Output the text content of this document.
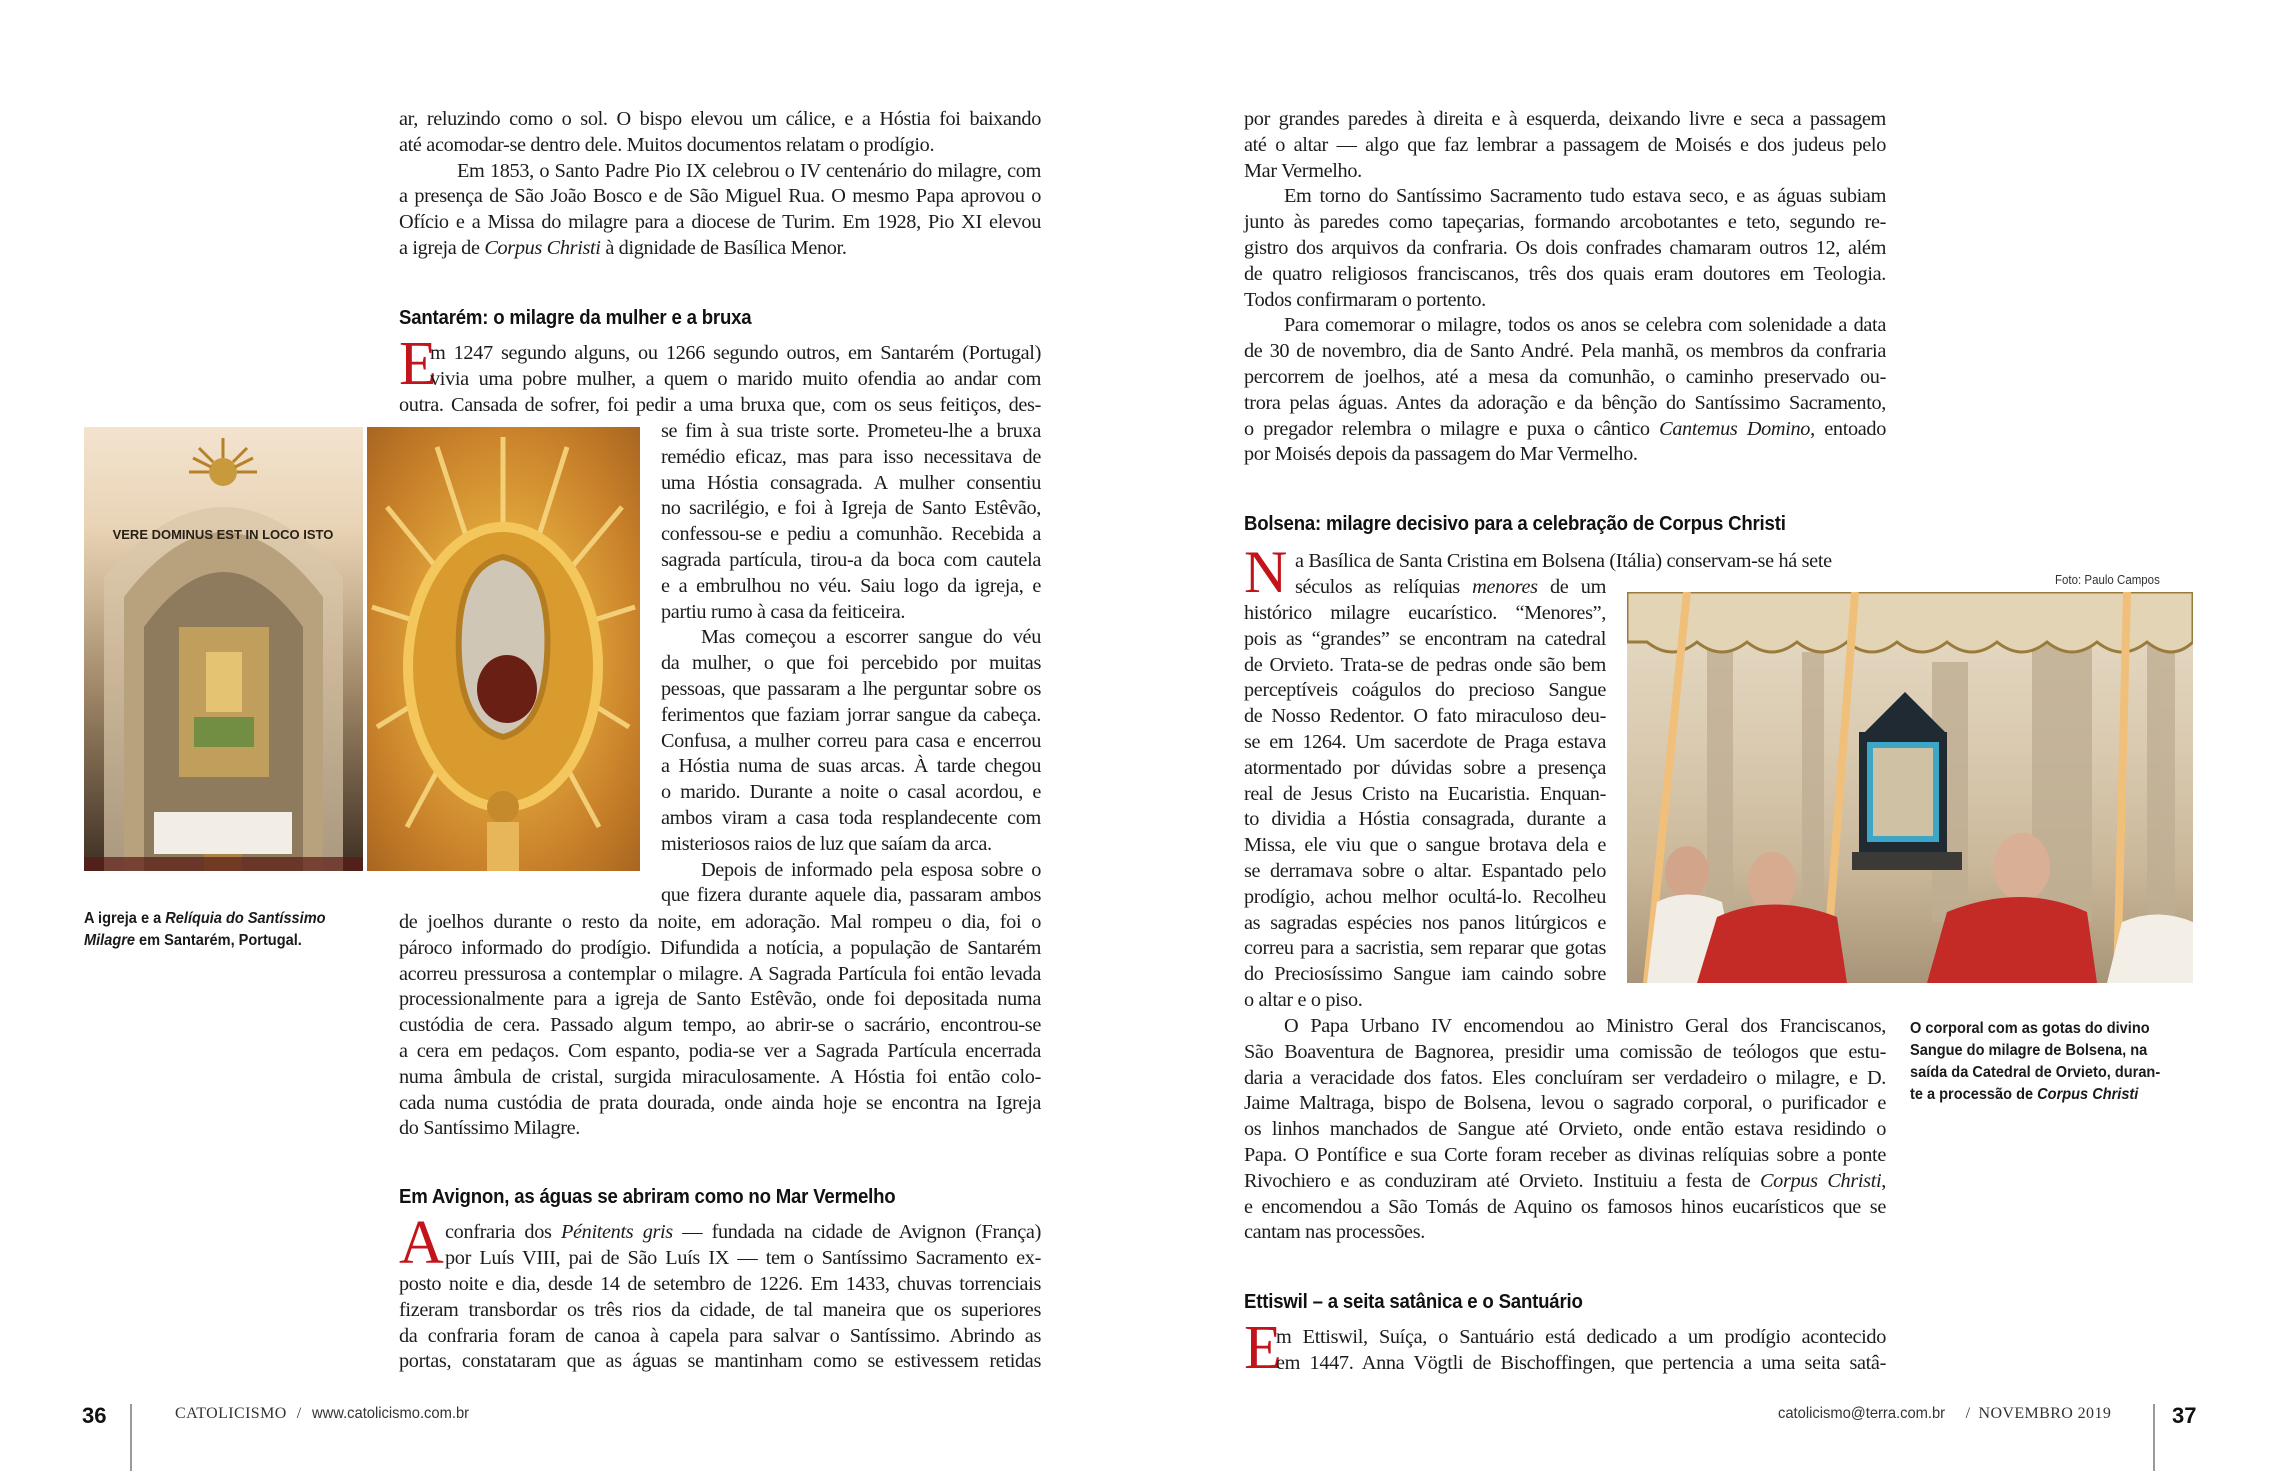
ar, reluzindo como o sol. O bispo elevou um cálice, e a Hóstia foi baixando
até acomodar-se dentro dele. Muitos documentos relatam o prodígio.
Em 1853, o Santo Padre Pio IX celebrou o IV centenário do milagre, com
a presença de São João Bosco e de São Miguel Rua. O mesmo Papa aprovou o
Ofício e a Missa do milagre para a diocese de Turim. Em 1928, Pio XI elevou
a igreja de Corpus Christi à dignidade de Basílica Menor.
Santarém: o milagre da mulher e a bruxa
E
m 1247 segundo alguns, ou 1266 segundo outros, em Santarém (Portugal)
vivia uma pobre mulher, a quem o marido muito ofendia ao andar com
outra. Cansada de sofrer, foi pedir a uma bruxa que, com os seus feitiços, des-
se fim à sua triste sorte. Prometeu-lhe a bruxa
remédio eficaz, mas para isso necessitava de
uma Hóstia consagrada. A mulher consentiu
no sacrilégio, e foi à Igreja de Santo Estêvão,
confessou-se e pediu a comunhão. Recebida a
sagrada partícula, tirou-a da boca com cautela
e a embrulhou no véu. Saiu logo da igreja, e
partiu rumo à casa da feiticeira.
Mas começou a escorrer sangue do véu
da mulher, o que foi percebido por muitas
pessoas, que passaram a lhe perguntar sobre os
ferimentos que faziam jorrar sangue da cabeça.
Confusa, a mulher correu para casa e encerrou
a Hóstia numa de suas arcas. À tarde chegou
o marido. Durante a noite o casal acordou, e
ambos viram a casa toda resplandecente com
misteriosos raios de luz que saíam da arca.
Depois de informado pela esposa sobre o
que fizera durante aquele dia, passaram ambos
de joelhos durante o resto da noite, em adoração. Mal rompeu o dia, foi o
pároco informado do prodígio. Difundida a notícia, a população de Santarém
acorreu pressurosa a contemplar o milagre. A Sagrada Partícula foi então levada
processionalmente para a igreja de Santo Estêvão, onde foi depositada numa
custódia de cera. Passado algum tempo, ao abrir-se o sacrário, encontrou-se
a cera em pedaços. Com espanto, podia-se ver a Sagrada Partícula encerrada
numa âmbula de cristal, surgida miraculosamente. A Hóstia foi então colo-
cada numa custódia de prata dourada, onde ainda hoje se encontra na Igreja
do Santíssimo Milagre.
VERE DOMINUS EST IN LOCO ISTO
A igreja e a Relíquia do Santíssimo
Milagre em Santarém, Portugal.
Em Avignon, as águas se abriram como no Mar Vermelho
A confraria dos Pénitents gris — fundada na cidade de Avignon (França)
por Luís VIII, pai de São Luís IX — tem o Santíssimo Sacramento ex-
posto noite e dia, desde 14 de setembro de 1226. Em 1433, chuvas torrenciais
fizeram transbordar os três rios da cidade, de tal maneira que os superiores
da confraria foram de canoa à capela para salvar o Santíssimo. Abrindo as
portas, constataram que as águas se mantinham como se estivessem retidas
36	CATOLICISMO / www.catolicismo.com.br
por grandes paredes à direita e à esquerda, deixando livre e seca a passagem
até o altar — algo que faz lembrar a passagem de Moisés e dos judeus pelo
Mar Vermelho.
Em torno do Santíssimo Sacramento tudo estava seco, e as águas subiam
junto às paredes como tapeçarias, formando arcobotantes e teto, segundo re-
gistro dos arquivos da confraria. Os dois confrades chamaram outros 12, além
de quatro religiosos franciscanos, três dos quais eram doutores em Teologia.
Todos confirmaram o portento.
Para comemorar o milagre, todos os anos se celebra com solenidade a data
de 30 de novembro, dia de Santo André. Pela manhã, os membros da confraria
percorrem de joelhos, até a mesa da comunhão, o caminho preservado ou-
trora pelas águas. Antes da adoração e da bênção do Santíssimo Sacramento,
o pregador relembra o milagre e puxa o cântico Cantemus Domino, entoado
por Moisés depois da passagem do Mar Vermelho.
Bolsena: milagre decisivo para a celebração de Corpus Christi
N a Basílica de Santa Cristina em Bolsena (Itália) conservam-se há sete
séculos as relíquias menores de um
histórico milagre eucarístico. “Menores”,
pois as “grandes” se encontram na catedral
de Orvieto. Trata-se de pedras onde são bem
perceptíveis coágulos do precioso Sangue
de Nosso Redentor. O fato miraculoso deu-
se em 1264. Um sacerdote de Praga estava
atormentado por dúvidas sobre a presença
real de Jesus Cristo na Eucaristia. Enquan-
to dividia a Hóstia consagrada, durante a
Missa, ele viu que o sangue brotava dela e
se derramava sobre o altar. Espantado pelo
prodígio, achou melhor ocultá-lo. Recolheu
as sagradas espécies nos panos litúrgicos e
correu para a sacristia, sem reparar que gotas
do Preciosíssimo Sangue iam caindo sobre
o altar e o piso.
O Papa Urbano IV encomendou ao Ministro Geral dos Franciscanos,
São Boaventura de Bagnorea, presidir uma comissão de teólogos que estu-
daria a veracidade dos fatos. Eles concluíram ser verdadeiro o milagre, e D.
Jaime Maltraga, bispo de Bolsena, levou o sagrado corporal, o purificador e
os linhos manchados de Sangue até Orvieto, onde então estava residindo o
Papa. O Pontífice e sua Corte foram receber as divinas relíquias sobre a ponte
Rivochiero e as conduziram até Orvieto. Instituiu a festa de Corpus Christi,
e encomendou a São Tomás de Aquino os famosos hinos eucarísticos que se
cantam nas processões.
Foto: Paulo Campos
O corporal com as gotas do divino
Sangue do milagre de Bolsena, na
saída da Catedral de Orvieto, duran-
te a processão de Corpus Christi
Ettiswil – a seita satânica e o Santuário
E
m Ettiswil, Suíça, o Santuário está dedicado a um prodígio acontecido
em 1447. Anna Vögtli de Bischoffingen, que pertencia a uma seita satâ-
catolicismo@terra.com.br / NOVEMBRO 2019	37
